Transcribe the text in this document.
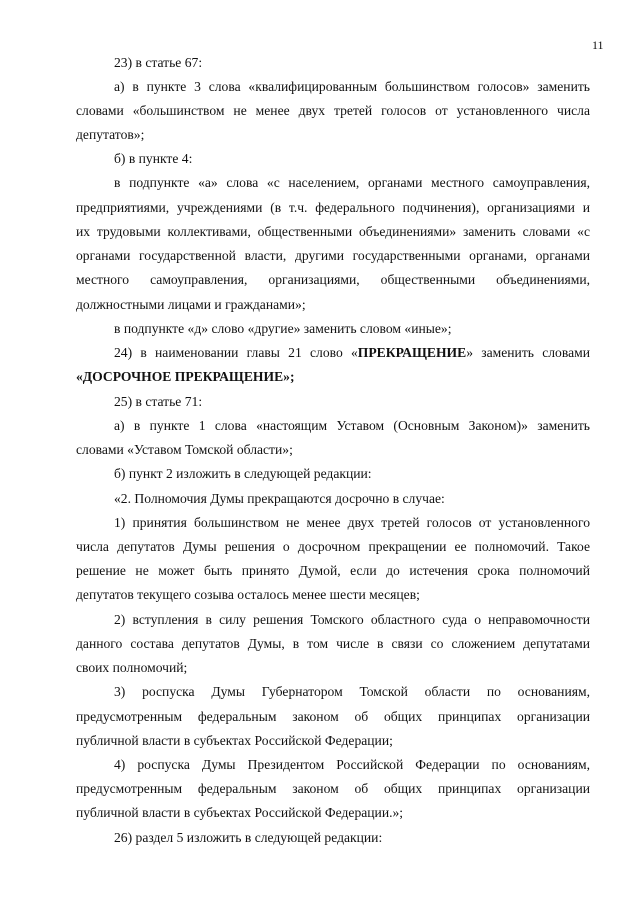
11
23) в статье 67:
а) в пункте 3 слова «квалифицированным большинством голосов» заменить
словами «большинством не менее двух третей голосов от установленного числа
депутатов»;
б) в пункте 4:
в подпункте «а» слова «с населением, органами местного самоуправления,
предприятиями, учреждениями (в т.ч. федерального подчинения), организациями и
их трудовыми коллективами, общественными объединениями» заменить словами «с
органами государственной власти, другими государственными органами, органами
местного самоуправления, организациями, общественными объединениями,
должностными лицами и гражданами»;
в подпункте «д» слово «другие» заменить словом «иные»;
24) в наименовании главы 21 слово «ПРЕКРАЩЕНИЕ» заменить словами
«ДОСРОЧНОЕ ПРЕКРАЩЕНИЕ»;
25) в статье 71:
а) в пункте 1 слова «настоящим Уставом (Основным Законом)» заменить
словами «Уставом Томской области»;
б) пункт 2 изложить в следующей редакции:
«2. Полномочия Думы прекращаются досрочно в случае:
1) принятия большинством не менее двух третей голосов от установленного
числа депутатов Думы решения о досрочном прекращении ее полномочий. Такое
решение не может быть принято Думой, если до истечения срока полномочий
депутатов текущего созыва осталось менее шести месяцев;
2) вступления в силу решения Томского областного суда о неправомочности
данного состава депутатов Думы, в том числе в связи со сложением депутатами
своих полномочий;
3) роспуска Думы Губернатором Томской области по основаниям,
предусмотренным федеральным законом об общих принципах организации
публичной власти в субъектах Российской Федерации;
4) роспуска Думы Президентом Российской Федерации по основаниям,
предусмотренным федеральным законом об общих принципах организации
публичной власти в субъектах Российской Федерации.»;
26) раздел 5 изложить в следующей редакции:
